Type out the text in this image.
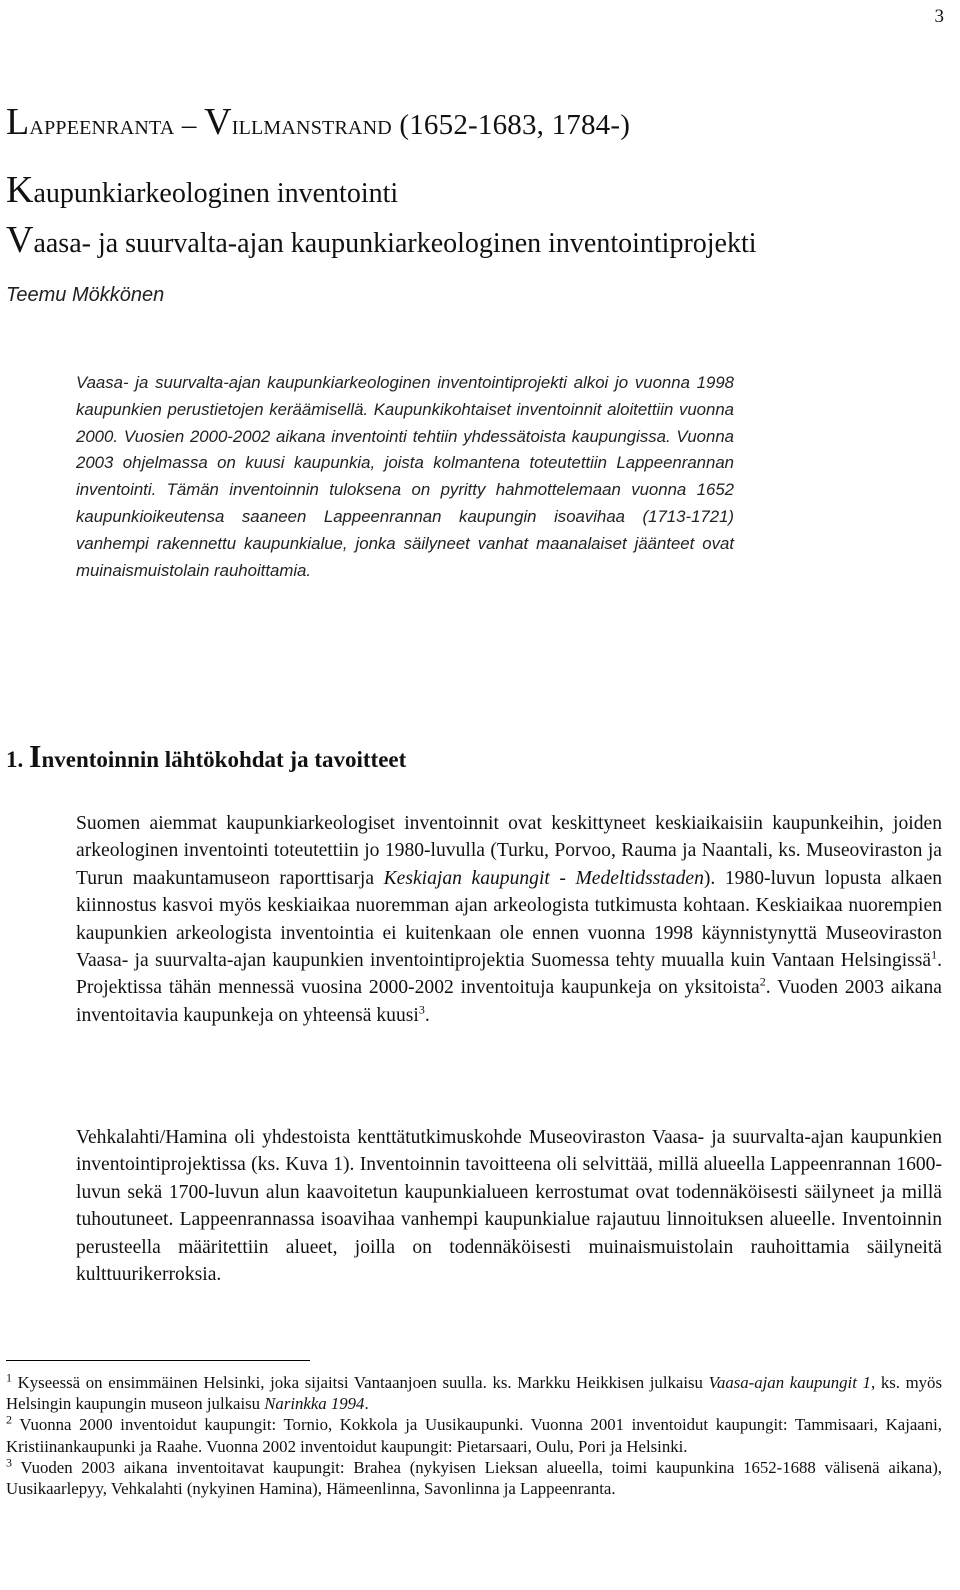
3
Lappeenranta – Villmanstrand (1652-1683, 1784-)
Kaupunkiarkeologinen inventointi
Vaasa- ja suurvalta-ajan kaupunkiarkeologinen inventointiprojekti
Teemu Mökkönen

Vaasa- ja suurvalta-ajan kaupunkiarkeologinen inventointiprojekti alkoi jo vuonna 1998 kaupunkien perustietojen keräämisellä. Kaupunkikohtaiset inventoinnit aloitettiin vuonna 2000. Vuosien 2000-2002 aikana inventointi tehtiin yhdessätoista kaupungissa. Vuonna 2003 ohjelmassa on kuusi kaupunkia, joista kolmantena toteutettiin Lappeenrannan inventointi. Tämän inventoinnin tuloksena on pyritty hahmottelemaan vuonna 1652 kaupunkioikeutensa saaneen Lappeenrannan kaupungin isoavihaa (1713-1721) vanhempi rakennettu kaupunkialue, jonka säilyneet vanhat maanalaiset jäänteet ovat muinaismuistolain rauhoittamia.

1. Inventoinnin lähtökohdat ja tavoitteet

Suomen aiemmat kaupunkiarkeologiset inventoinnit ovat keskittyneet keskiaikaisiin kaupunkeihin, joiden arkeologinen inventointi toteutettiin jo 1980-luvulla (Turku, Porvoo, Rauma ja Naantali, ks. Museoviraston ja Turun maakuntamuseon raporttisarja Keskiajan kaupungit - Medeltidsstaden). 1980-luvun lopusta alkaen kiinnostus kasvoi myös keskiaikaa nuoremman ajan arkeologista tutkimusta kohtaan. Keskiaikaa nuorempien kaupunkien arkeologista inventointia ei kuitenkaan ole ennen vuonna 1998 käynnistynyttä Museoviraston Vaasa- ja suurvalta-ajan kaupunkien inventointiprojektia Suomessa tehty muualla kuin Vantaan Helsingissä$^1$. Projektissa tähän mennessä vuosina 2000-2002 inventoituja kaupunkeja on yksitoista$^2$. Vuoden 2003 aikana inventoitavia kaupunkeja on yhteensä kuusi$^3$.

Vehkalahti/Hamina oli yhdestoista kenttätutkimuskohde Museoviraston Vaasa- ja suurvalta-ajan kaupunkien inventointiprojektissa (ks. Kuva 1). Inventoinnin tavoitteena oli selvittää, millä alueella Lappeenrannan 1600-luvun sekä 1700-luvun alun kaavoitetun kaupunkialueen kerrostumat ovat todennäköisesti säilyneet ja millä tuhoutuneet. Lappeenrannassa isoavihaa vanhempi kaupunkialue rajautuu linnoituksen alueelle. Inventoinnin perusteella määritettiin alueet, joilla on todennäköisesti muinaismuistolain rauhoittamia säilyneitä kulttuurikerroksia.

$^1$ Kyseessä on ensimmäinen Helsinki, joka sijaitsi Vantaanjoen suulla. ks. Markku Heikkisen julkaisu Vaasa-ajan kaupungit 1, ks. myös Helsingin kaupungin museon julkaisu Narinkka 1994.

$^2$ Vuonna 2000 inventoidut kaupungit: Tornio, Kokkola ja Uusikaupunki. Vuonna 2001 inventoidut kaupungit: Tammisaari, Kajaani, Kristiinankaupunki ja Raahe. Vuonna 2002 inventoidut kaupungit: Pietarsaari, Oulu, Pori ja Helsinki.

$^3$ Vuoden 2003 aikana inventoitavat kaupungit: Brahea (nykyisen Lieksan alueella, toimi kaupunkina 1652-1688 välisenä aikana), Uusikaarlepyy, Vehkalahti (nykyinen Hamina), Hämeenlinna, Savonlinna ja Lappeenranta.
